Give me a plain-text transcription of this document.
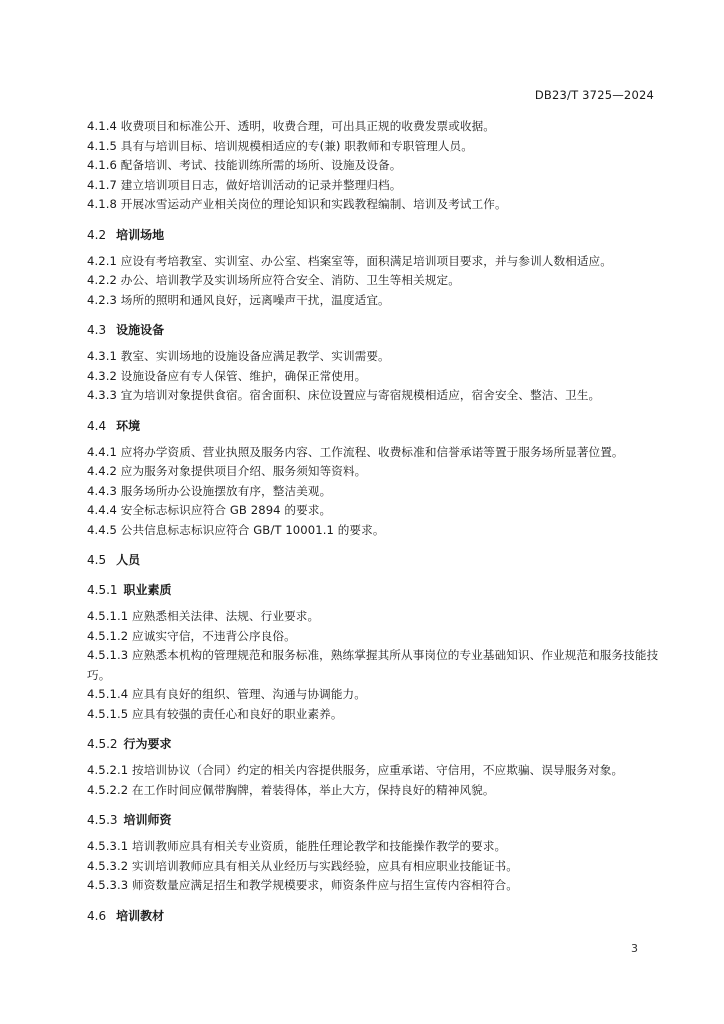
DB23/T 3725—2024
4.1.4 收费项目和标准公开、透明，收费合理，可出具正规的收费发票或收据。
4.1.5 具有与培训目标、培训规模相适应的专(兼) 职教师和专职管理人员。
4.1.6 配备培训、考试、技能训练所需的场所、设施及设备。
4.1.7 建立培训项目日志，做好培训活动的记录并整理归档。
4.1.8 开展冰雪运动产业相关岗位的理论知识和实践教程编制、培训及考试工作。
4.2 培训场地
4.2.1 应设有考培教室、实训室、办公室、档案室等，面积满足培训项目要求，并与参训人数相适应。
4.2.2 办公、培训教学及实训场所应符合安全、消防、卫生等相关规定。
4.2.3 场所的照明和通风良好，远离噪声干扰，温度适宜。
4.3 设施设备
4.3.1 教室、实训场地的设施设备应满足教学、实训需要。
4.3.2 设施设备应有专人保管、维护，确保正常使用。
4.3.3 宜为培训对象提供食宿。宿舍面积、床位设置应与寄宿规模相适应，宿舍安全、整洁、卫生。
4.4 环境
4.4.1 应将办学资质、营业执照及服务内容、工作流程、收费标准和信誉承诺等置于服务场所显著位置。
4.4.2 应为服务对象提供项目介绍、服务须知等资料。
4.4.3 服务场所办公设施摆放有序，整洁美观。
4.4.4 安全标志标识应符合 GB 2894 的要求。
4.4.5 公共信息标志标识应符合 GB/T 10001.1 的要求。
4.5 人员
4.5.1 职业素质
4.5.1.1 应熟悉相关法律、法规、行业要求。
4.5.1.2 应诚实守信，不违背公序良俗。
4.5.1.3 应熟悉本机构的管理规范和服务标准，熟练掌握其所从事岗位的专业基础知识、作业规范和服务技能技巧。
4.5.1.4 应具有良好的组织、管理、沟通与协调能力。
4.5.1.5 应具有较强的责任心和良好的职业素养。
4.5.2 行为要求
4.5.2.1 按培训协议（合同）约定的相关内容提供服务，应重承诺、守信用，不应欺骗、误导服务对象。
4.5.2.2 在工作时间应佩带胸牌，着装得体，举止大方，保持良好的精神风貌。
4.5.3 培训师资
4.5.3.1 培训教师应具有相关专业资质，能胜任理论教学和技能操作教学的要求。
4.5.3.2 实训培训教师应具有相关从业经历与实践经验，应具有相应职业技能证书。
4.5.3.3 师资数量应满足招生和教学规模要求，师资条件应与招生宣传内容相符合。
4.6 培训教材
3
